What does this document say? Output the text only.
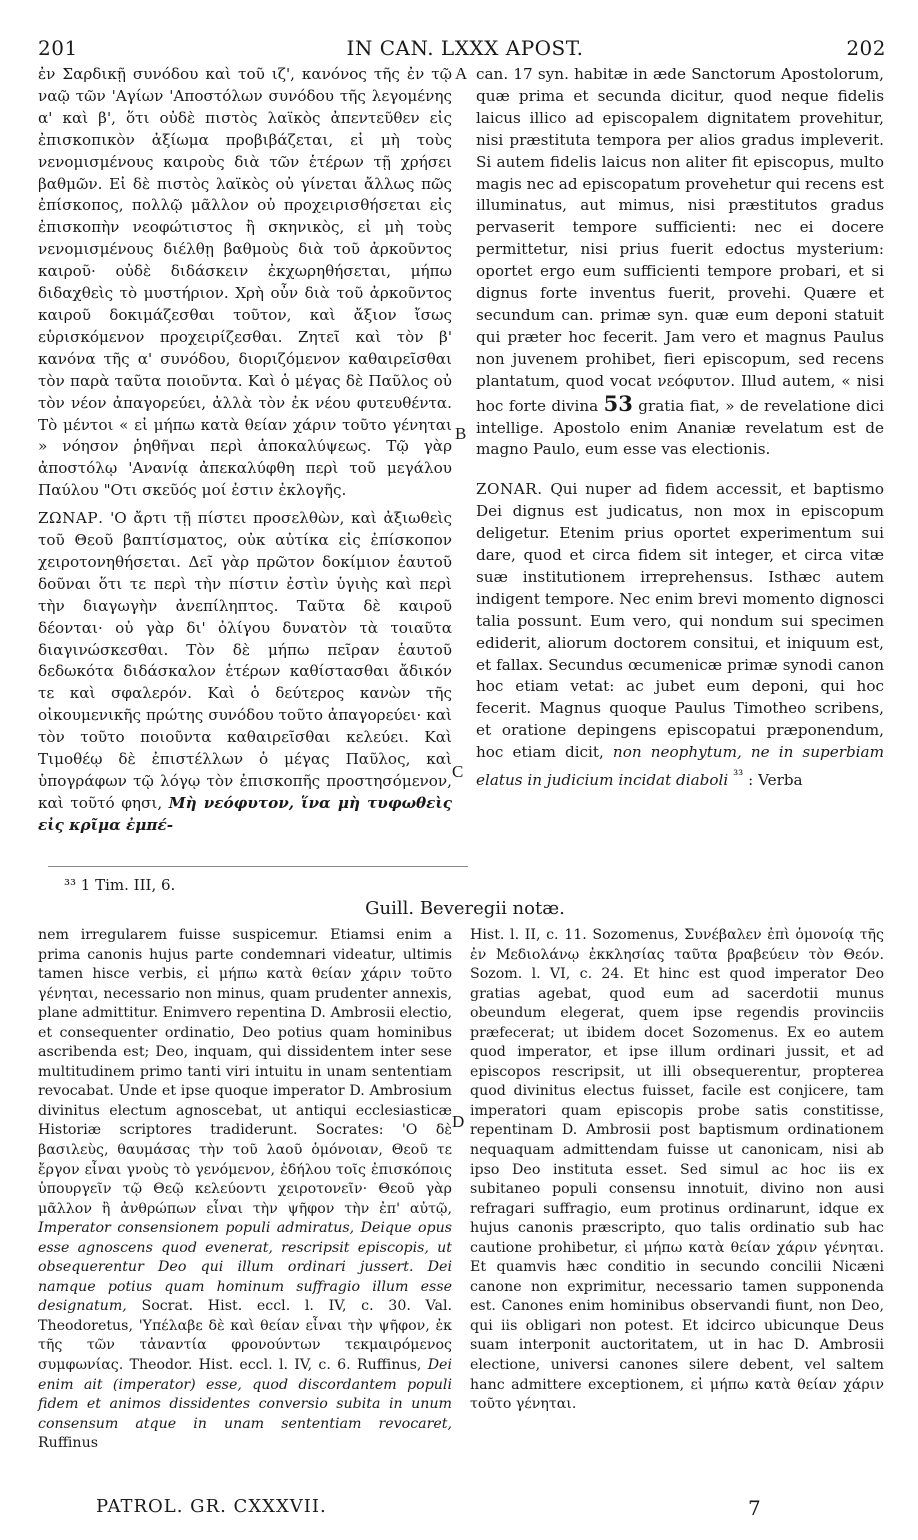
201	IN CAN. LXXX APOST.	202

ἐν Σαρδικῇ συνόδου καὶ τοῦ ιζ', κανόνος τῆς ἐν τῷ ναῷ τῶν 'Αγίων 'Αποστόλων συνόδου τῆς λεγομένης α' καὶ β', ὅτι οὐδὲ πιστὸς λαϊκὸς ἀπεντεῦθεν εἰς ἐπισκοπικὸν ἀξίωμα προβιβάζεται, εἰ μὴ τοὺς νενομισμένους καιροὺς διὰ τῶν ἑτέρων τῇ χρήσει βαθμῶν. Εἰ δὲ πιστὸς λαϊκὸς οὐ γίνεται ἄλλως πῶς ἐπίσκοπος, πολλῷ μᾶλλον οὐ προχειρισθήσεται εἰς ἐπισκοπὴν νεοφώτιστος ἢ σκηνικὸς, εἰ μὴ τοὺς νενομισμένους διέλθῃ βαθμοὺς διὰ τοῦ ἀρκοῦντος καιροῦ· οὐδὲ διδάσκειν ἐκχωρηθήσεται, μήπω διδαχθεὶς τὸ μυστήριον. Χρὴ οὖν διὰ τοῦ ἀρκοῦντος καιροῦ δοκιμάζεσθαι τοῦτον, καὶ ἄξιον ἴσως εὑρισκόμενον προχειρίζεσθαι. Ζητεῖ καὶ τὸν β' κανόνα τῆς α' συνόδου, διοριζόμενον καθαιρεῖσθαι τὸν παρὰ ταῦτα ποιοῦντα. Καὶ ὁ μέγας δὲ Παῦλος οὐ τὸν νέον ἀπαγορεύει, ἀλλὰ τὸν ἐκ νέου φυτευθέντα. Τὸ μέντοι « εἰ μήπω κατὰ θείαν χάριν τοῦτο γένηται » νόησον ῥηθῆναι περὶ ἀποκαλύψεως. Τῷ γὰρ ἀποστόλῳ 'Ανανίᾳ ἀπεκαλύφθη περὶ τοῦ μεγάλου Παύλου "Οτι σκεῦός μοί ἐστιν ἐκλογῆς.

ΖΩΝΑΡ. 'Ο ἄρτι τῇ πίστει προσελθὼν, καὶ ἀξιωθεὶς τοῦ Θεοῦ βαπτίσματος, οὐκ αὐτίκα εἰς ἐπίσκοπον χειροτονηθήσεται. Δεῖ γὰρ πρῶτον δοκίμιον ἑαυτοῦ δοῦναι ὅτι τε περὶ τὴν πίστιν ἐστὶν ὑγιὴς καὶ περὶ τὴν διαγωγὴν ἀνεπίληπτος. Ταῦτα δὲ καιροῦ δέονται· οὐ γὰρ δι' ὀλίγου δυνατὸν τὰ τοιαῦτα διαγινώσκεσθαι. Τὸν δὲ μήπω πεῖραν ἑαυτοῦ δεδωκότα διδάσκαλον ἑτέρων καθίστασθαι ἄδικόν τε καὶ σφαλερόν. Καὶ ὁ δεύτερος κανὼν τῆς οἰκουμενικῆς πρώτης συνόδου τοῦτο ἀπαγορεύει· καὶ τὸν τοῦτο ποιοῦντα καθαιρεῖσθαι κελεύει. Καὶ Τιμοθέῳ δὲ ἐπιστέλλων ὁ μέγας Παῦλος, καὶ ὑπογράφων τῷ λόγῳ τὸν ἐπισκοπῆς προστησόμενον, καὶ τοῦτό φησι, Μὴ νεόφυτον, ἵνα μὴ τυφωθεὶς εἰς κρῖμα ἐμπέ-

can. 17 syn. habitæ in æde Sanctorum Apostolorum, quæ prima et secunda dicitur, quod neque fidelis laicus illico ad episcopalem dignitatem provehitur, nisi præstituta tempora per alios gradus impleverit. Si autem fidelis laicus non aliter fit episcopus, multo magis nec ad episcopatum provehetur qui recens est illuminatus, aut mimus, nisi præstitutos gradus pervaserit tempore sufficienti: nec ei docere permittetur, nisi prius fuerit edoctus mysterium: oportet ergo eum sufficienti tempore probari, et si dignus forte inventus fuerit, provehi. Quære et secundum can. primæ syn. quæ eum deponi statuit qui præter hoc fecerit. Jam vero et magnus Paulus non juvenem prohibet, fieri episcopum, sed recens plantatum, quod vocat νεόφυτον. Illud autem, « nisi hoc forte divina 53 gratia fiat, » de revelatione dici intellige. Apostolo enim Ananiæ revelatum est de magno Paulo, eum esse vas electionis.

ZONAR. Qui nuper ad fidem accessit, et baptismo Dei dignus est judicatus, non mox in episcopum deligetur. Etenim prius oportet experimentum sui dare, quod et circa fidem sit integer, et circa vitæ suæ institutionem irreprehensus. Isthæc autem indigent tempore. Nec enim brevi momento dignosci talia possunt. Eum vero, qui nondum sui specimen ediderit, aliorum doctorem consitui, et iniquum est, et fallax. Secundus œcumenicæ primæ synodi canon hoc etiam vetat: ac jubet eum deponi, qui hoc fecerit. Magnus quoque Paulus Timotheo scribens, et oratione depingens episcopatui præponendum, hoc etiam dicit, non neophytum, ne in superbiam elatus in judicium incidat diaboli $^{^{33}}$ : Verba

A
B
C
D
³³ 1 Tim. III, 6.
Guill. Beveregii notæ.
nem irregularem fuisse suspicemur. Etiamsi enim a prima canonis hujus parte condemnari videatur, ultimis tamen hisce verbis, εἰ μήπω κατὰ θείαν χάριν τοῦτο γένηται, necessario non minus, quam prudenter annexis, plane admittitur. Enimvero repentina D. Ambrosii electio, et consequenter ordinatio, Deo potius quam hominibus ascribenda est; Deo, inquam, qui dissidentem inter sese multitudinem primo tanti viri intuitu in unam sententiam revocabat. Unde et ipse quoque imperator D. Ambrosium divinitus electum agnoscebat, ut antiqui ecclesiasticæ Historiæ scriptores tradiderunt. Socrates: 'Ο δὲ βασιλεὺς, θαυμάσας τὴν τοῦ λαοῦ ὁμόνοιαν, Θεοῦ τε ἔργον εἶναι γνοὺς τὸ γενόμενον, ἐδήλου τοῖς ἐπισκόποις ὑπουργεῖν τῷ Θεῷ κελεύοντι χειροτονεῖν· Θεοῦ γὰρ μᾶλλον ἢ ἀνθρώπων εἶναι τὴν ψῆφον τὴν ἐπ' αὐτῷ, Imperator consensionem populi admiratus, Deique opus esse agnoscens quod evenerat, rescripsit episcopis, ut obsequerentur Deo qui illum ordinari jussert. Dei namque potius quam hominum suffragio illum esse designatum, Socrat. Hist. eccl. l. IV, c. 30. Val. Theodoretus, 'Υπέλαβε δὲ καὶ θείαν εἶναι τὴν ψῆφον, ἐκ τῆς τῶν τἀναντία φρονούντων τεκμαιρόμενος συμφωνίας. Theodor. Hist. eccl. l. IV, c. 6. Ruffinus, Dei enim ait (imperator) esse, quod discordantem populi fidem et animos dissidentes conversio subita in unum consensum atque in unam sententiam revocaret, Ruffinus
Hist. l. II, c. 11. Sozomenus, Συνέβαλεν ἐπὶ ὁμονοίᾳ τῆς ἐν Μεδιολάνῳ ἐκκλησίας ταῦτα βραβεύειν τὸν Θεόν. Sozom. l. VI, c. 24. Et hinc est quod imperator Deo gratias agebat, quod eum ad sacerdotii munus obeundum elegerat, quem ipse regendis provinciis præfecerat; ut ibidem docet Sozomenus. Ex eo autem quod imperator, et ipse illum ordinari jussit, et ad episcopos rescripsit, ut illi obsequerentur, propterea quod divinitus electus fuisset, facile est conjicere, tam imperatori quam episcopis probe satis constitisse, repentinam D. Ambrosii post baptismum ordinationem nequaquam admittendam fuisse ut canonicam, nisi ab ipso Deo instituta esset. Sed simul ac hoc iis ex subitaneo populi consensu innotuit, divino non ausi refragari suffragio, eum protinus ordinarunt, idque ex hujus canonis præscripto, quo talis ordinatio sub hac cautione prohibetur, εἰ μήπω κατὰ θείαν χάριν γένηται. Et quamvis hæc conditio in secundo concilii Nicæni canone non exprimitur, necessario tamen supponenda est. Canones enim hominibus observandi fiunt, non Deo, qui iis obligari non potest. Et idcirco ubicunque Deus suam interponit auctoritatem, ut in hac D. Ambrosii electione, universi canones silere debent, vel saltem hanc admittere exceptionem, εἰ μήπω κατὰ θείαν χάριν τοῦτο γένηται.
PATROL. GR. CXXXVII.	7
